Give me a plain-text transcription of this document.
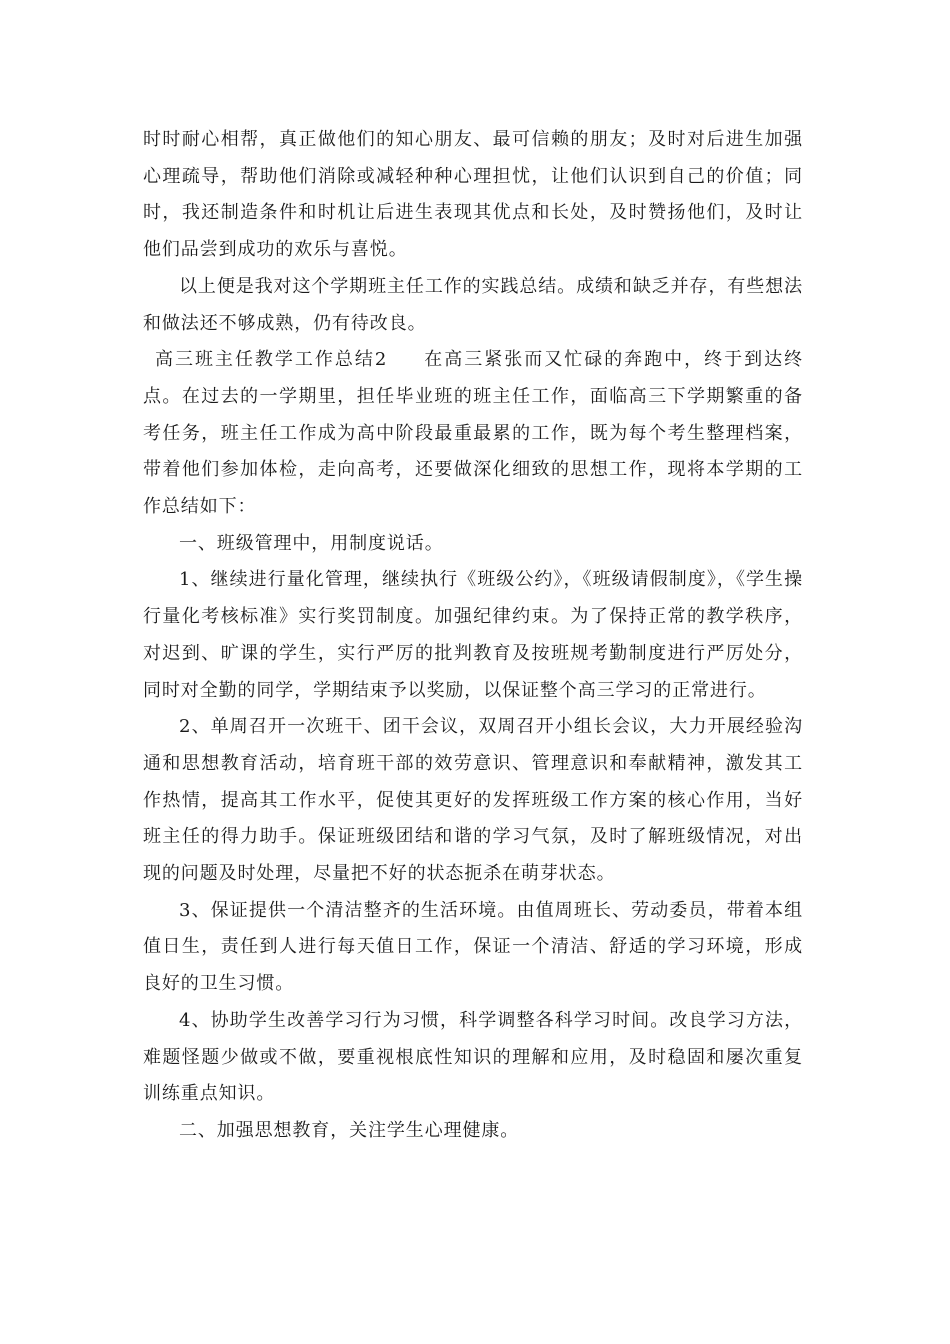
时时耐心相帮，真正做他们的知心朋友、最可信赖的朋友；及时对后进生加强心理疏导，帮助他们消除或减轻种种心理担忧，让他们认识到自己的价值；同时，我还制造条件和时机让后进生表现其优点和长处，及时赞扬他们，及时让他们品尝到成功的欢乐与喜悦。

以上便是我对这个学期班主任工作的实践总结。成绩和缺乏并存，有些想法和做法还不够成熟，仍有待改良。

高三班主任教学工作总结2 在高三紧张而又忙碌的奔跑中，终于到达终点。在过去的一学期里，担任毕业班的班主任工作，面临高三下学期繁重的备考任务，班主任工作成为高中阶段最重最累的工作，既为每个考生整理档案，带着他们参加体检，走向高考，还要做深化细致的思想工作，现将本学期的工作总结如下：

一、班级管理中，用制度说话。

1、继续进行量化管理，继续执行《班级公约》，《班级请假制度》，《学生操行量化考核标准》实行奖罚制度。加强纪律约束。为了保持正常的教学秩序，对迟到、旷课的学生，实行严厉的批判教育及按班规考勤制度进行严厉处分，同时对全勤的同学，学期结束予以奖励，以保证整个高三学习的正常进行。

2、单周召开一次班干、团干会议，双周召开小组长会议，大力开展经验沟通和思想教育活动，培育班干部的效劳意识、管理意识和奉献精神，激发其工作热情，提高其工作水平，促使其更好的发挥班级工作方案的核心作用，当好班主任的得力助手。保证班级团结和谐的学习气氛，及时了解班级情况，对出现的问题及时处理，尽量把不好的状态扼杀在萌芽状态。

3、保证提供一个清洁整齐的生活环境。由值周班长、劳动委员，带着本组值日生，责任到人进行每天值日工作，保证一个清洁、舒适的学习环境，形成良好的卫生习惯。

4、协助学生改善学习行为习惯，科学调整各科学习时间。改良学习方法，难题怪题少做或不做，要重视根底性知识的理解和应用，及时稳固和屡次重复训练重点知识。

二、加强思想教育，关注学生心理健康。
